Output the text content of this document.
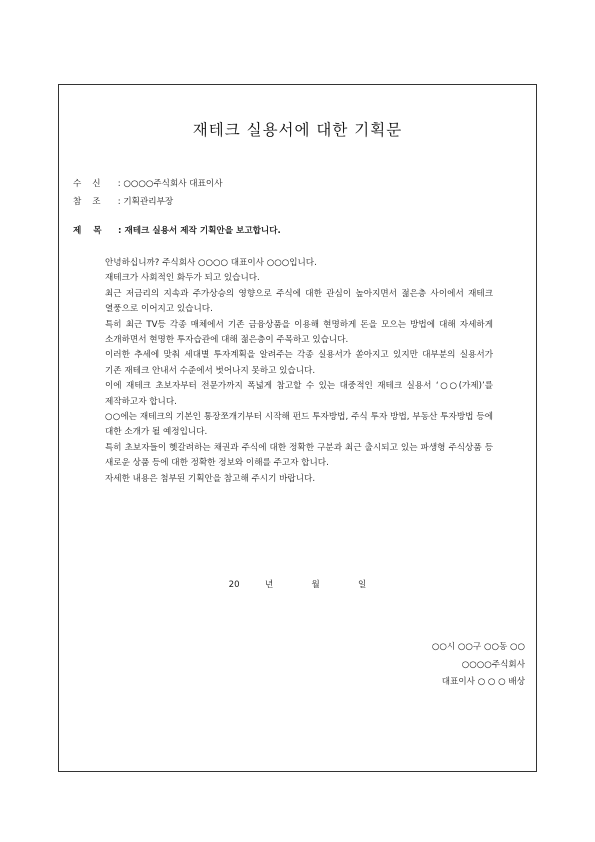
재테크 실용서에 대한 기획문
수    신 : ○○○○주식회사 대표이사
참    조 : 기획관리부장
제    목 : 재테크 실용서 제작 기획안을 보고합니다.

안녕하십니까? 주식회사 ○○○○ 대표이사 ○○○입니다.

재테크가 사회적인 화두가 되고 있습니다.

최근 저금리의 지속과 주가상승의 영향으로 주식에 대한 관심이 높아지면서 젊은층 사이에서 재테크 열풍으로 이어지고 있습니다.

특히 최근 TV등 각종 매체에서 기존 금융상품을 이용해 현명하게 돈을 모으는 방법에 대해 자세하게 소개하면서 현명한 투자습관에 대해 젊은층이 주목하고 있습니다.

이러한 추세에 맞춰 세대별 투자계획을 알려주는 각종 실용서가 쏟아지고 있지만 대부분의 실용서가 기존 재테크 안내서 수준에서 벗어나지 못하고 있습니다.

이에 재테크 초보자부터 전문가까지 폭넓게 참고할 수 있는 대중적인 재테크 실용서 ‘○○(가제)’를 제작하고자 합니다.

○○에는 재테크의 기본인 통장쪼개기부터 시작해 펀드 투자방법, 주식 투자 방법, 부동산 투자방법 등에 대한 소개가 될 예정입니다.

특히 초보자들이 헷갈려하는 채권과 주식에 대한 정확한 구분과 최근 출시되고 있는 파생형 주식상품 등 새로운 상품 등에 대한 정확한 정보와 이해를 주고자 합니다.

자세한 내용은 첨부된 기획안을 참고해 주시기 바랍니다.

20  년   월   일
○○시 ○○구 ○○동 ○○
○○○○주식회사
대표이사 ○ ○ ○ 배상
